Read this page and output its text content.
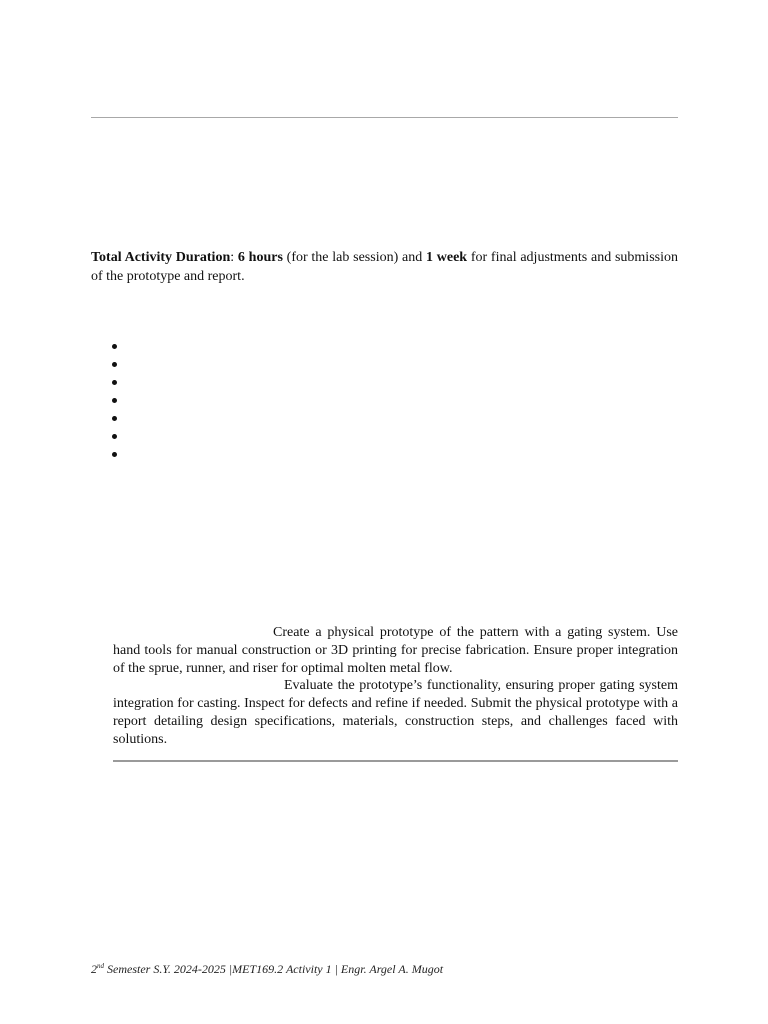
Total Activity Duration: 6 hours (for the lab session) and 1 week for final adjustments and submission of the prototype and report.

Create a physical prototype of the pattern with a gating system. Use hand tools for manual construction or 3D printing for precise fabrication. Ensure proper integration of the sprue, runner, and riser for optimal molten metal flow.

Evaluate the prototype’s functionality, ensuring proper gating system integration for casting. Inspect for defects and refine if needed. Submit the physical prototype with a report detailing design specifications, materials, construction steps, and challenges faced with solutions.

2nd Semester S.Y. 2024-2025 |MET169.2 Activity 1 | Engr. Argel A. Mugot
